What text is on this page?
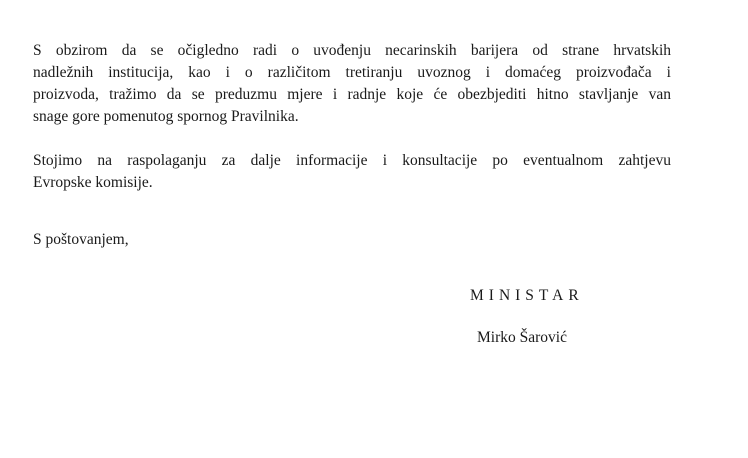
S obzirom da se očigledno radi o uvođenju necarinskih barijera od strane hrvatskih
nadležnih institucija, kao i o različitom tretiranju uvoznog i domaćeg proizvođača i
proizvoda, tražimo da se preduzmu mjere i radnje koje će obezbjediti hitno stavljanje van
snage gore pomenutog spornog Pravilnika.
Stojimo na raspolaganju za dalje informacije i konsultacije po eventualnom zahtjevu
Evropske komisije.

S poštovanjem,

MINISTAR

Mirko Šarović
